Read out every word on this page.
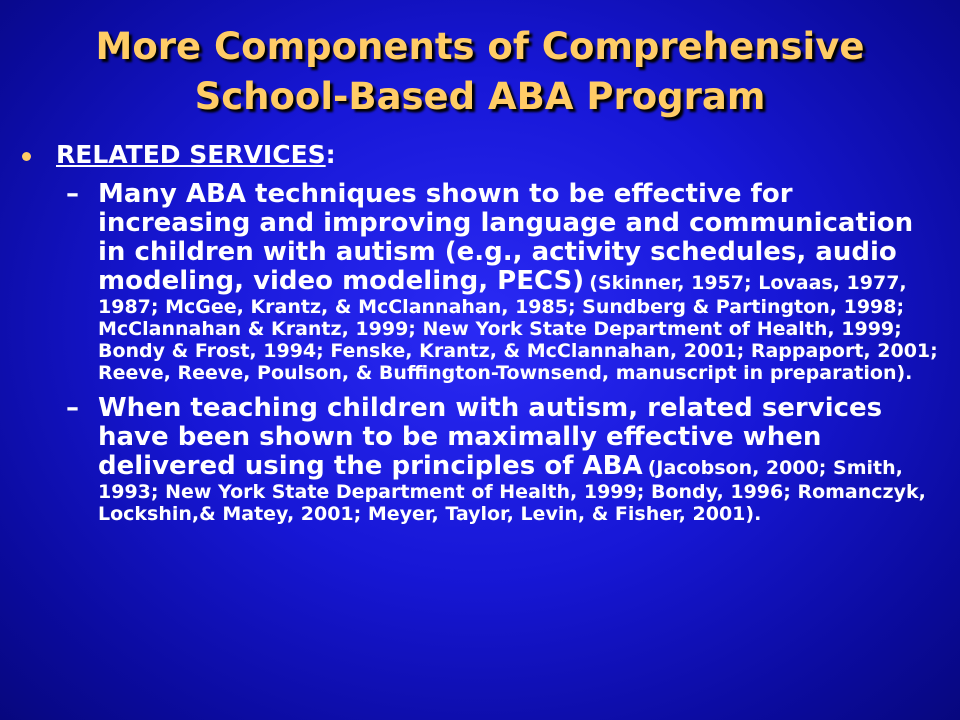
More Components of Comprehensive
School-Based ABA Program
RELATED SERVICES:
– Many ABA techniques shown to be effective for increasing and improving language and communication in children with autism (e.g., activity schedules, audio modeling, video modeling, PECS) (Skinner, 1957; Lovaas, 1977, 1987; McGee, Krantz, & McClannahan, 1985; Sundberg & Partington, 1998; McClannahan & Krantz, 1999; New York State Department of Health, 1999; Bondy & Frost, 1994; Fenske, Krantz, & McClannahan, 2001; Rappaport, 2001; Reeve, Reeve, Poulson, & Buffington-Townsend, manuscript in preparation).

– When teaching children with autism, related services have been shown to be maximally effective when delivered using the principles of ABA (Jacobson, 2000; Smith, 1993; New York State Department of Health, 1999; Bondy, 1996; Romanczyk, Lockshin,& Matey, 2001; Meyer, Taylor, Levin, & Fisher, 2001).
